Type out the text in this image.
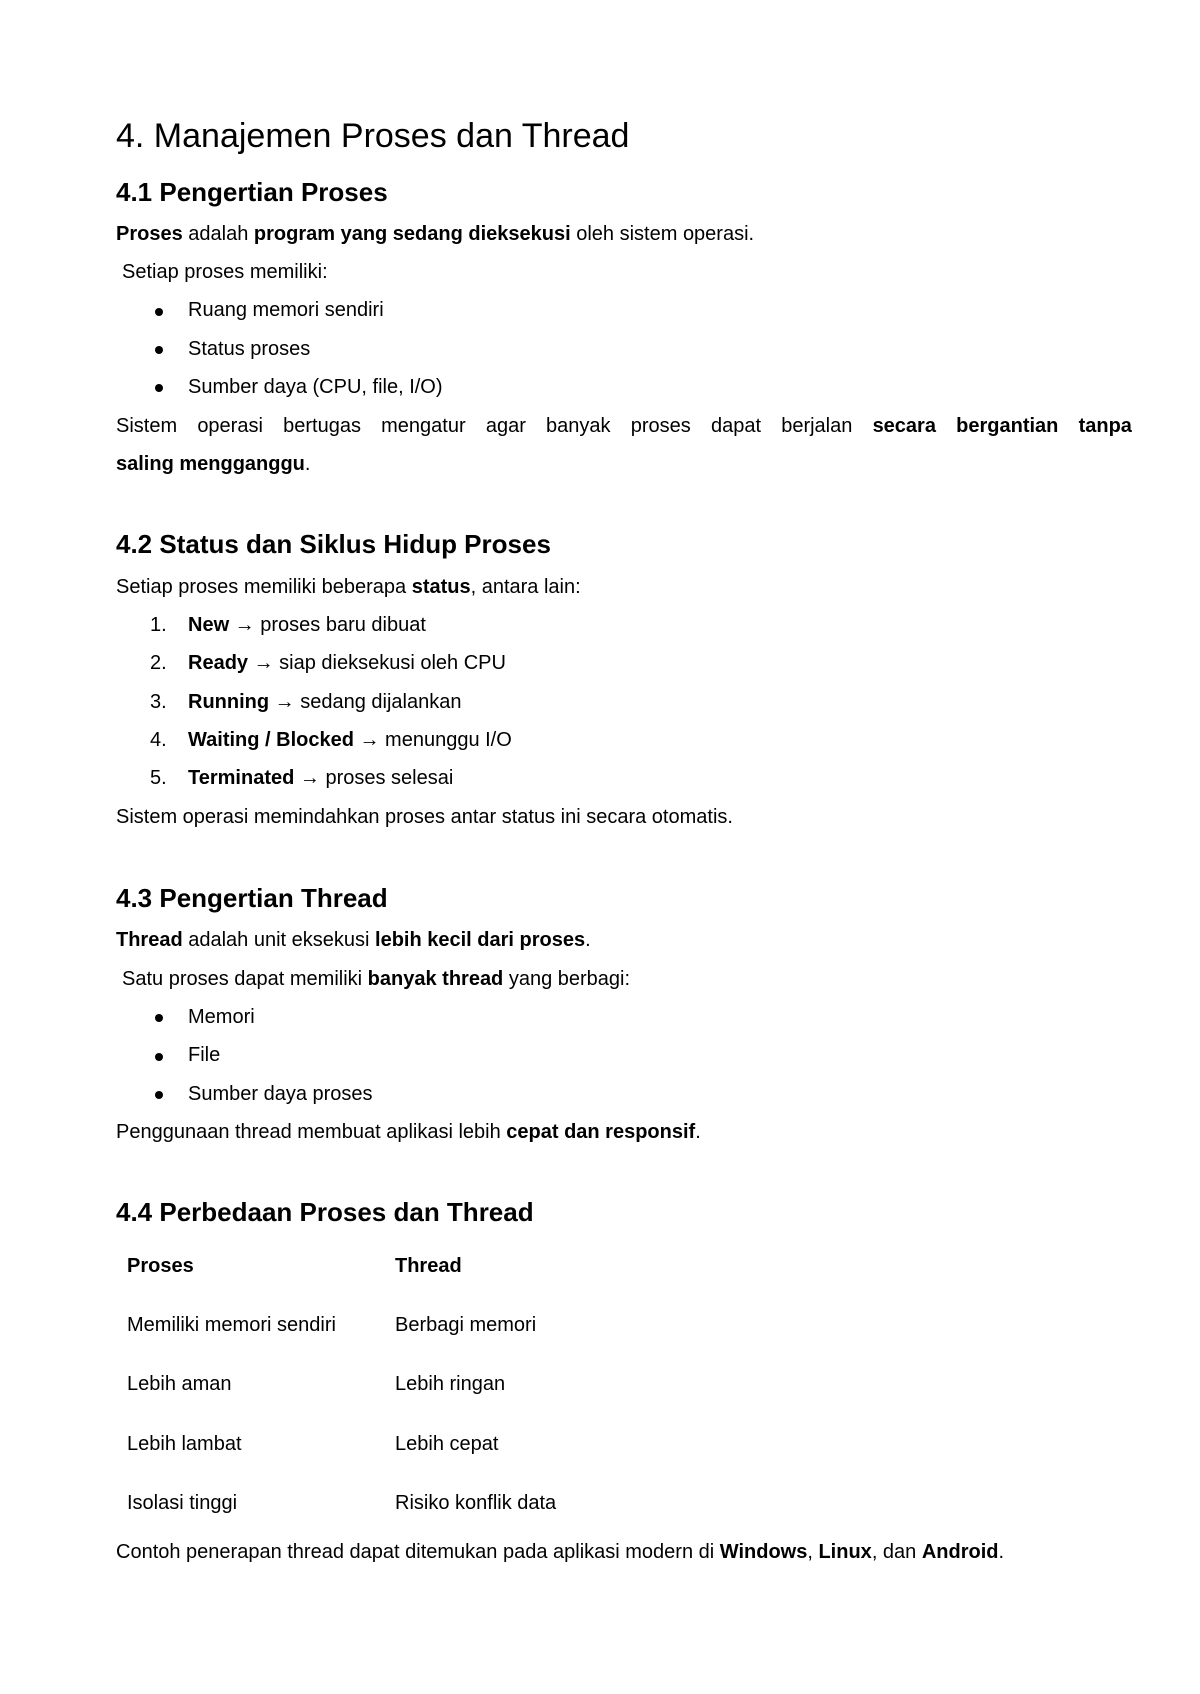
4. Manajemen Proses dan Thread
4.1 Pengertian Proses
Proses adalah program yang sedang dieksekusi oleh sistem operasi.
Setiap proses memiliki:
Ruang memori sendiri
Status proses
Sumber daya (CPU, file, I/O)
Sistem operasi bertugas mengatur agar banyak proses dapat berjalan secara bergantian tanpa
saling mengganggu.
4.2 Status dan Siklus Hidup Proses
Setiap proses memiliki beberapa status, antara lain:
1. New → proses baru dibuat
2. Ready → siap dieksekusi oleh CPU
3. Running → sedang dijalankan
4. Waiting / Blocked → menunggu I/O
5. Terminated → proses selesai
Sistem operasi memindahkan proses antar status ini secara otomatis.
4.3 Pengertian Thread
Thread adalah unit eksekusi lebih kecil dari proses.
Satu proses dapat memiliki banyak thread yang berbagi:
Memori
File
Sumber daya proses
Penggunaan thread membuat aplikasi lebih cepat dan responsif.
4.4 Perbedaan Proses dan Thread
Proses	Thread
Memiliki memori sendiri	Berbagi memori
Lebih aman	Lebih ringan
Lebih lambat	Lebih cepat
Isolasi tinggi	Risiko konflik data
Contoh penerapan thread dapat ditemukan pada aplikasi modern di Windows, Linux, dan Android.
